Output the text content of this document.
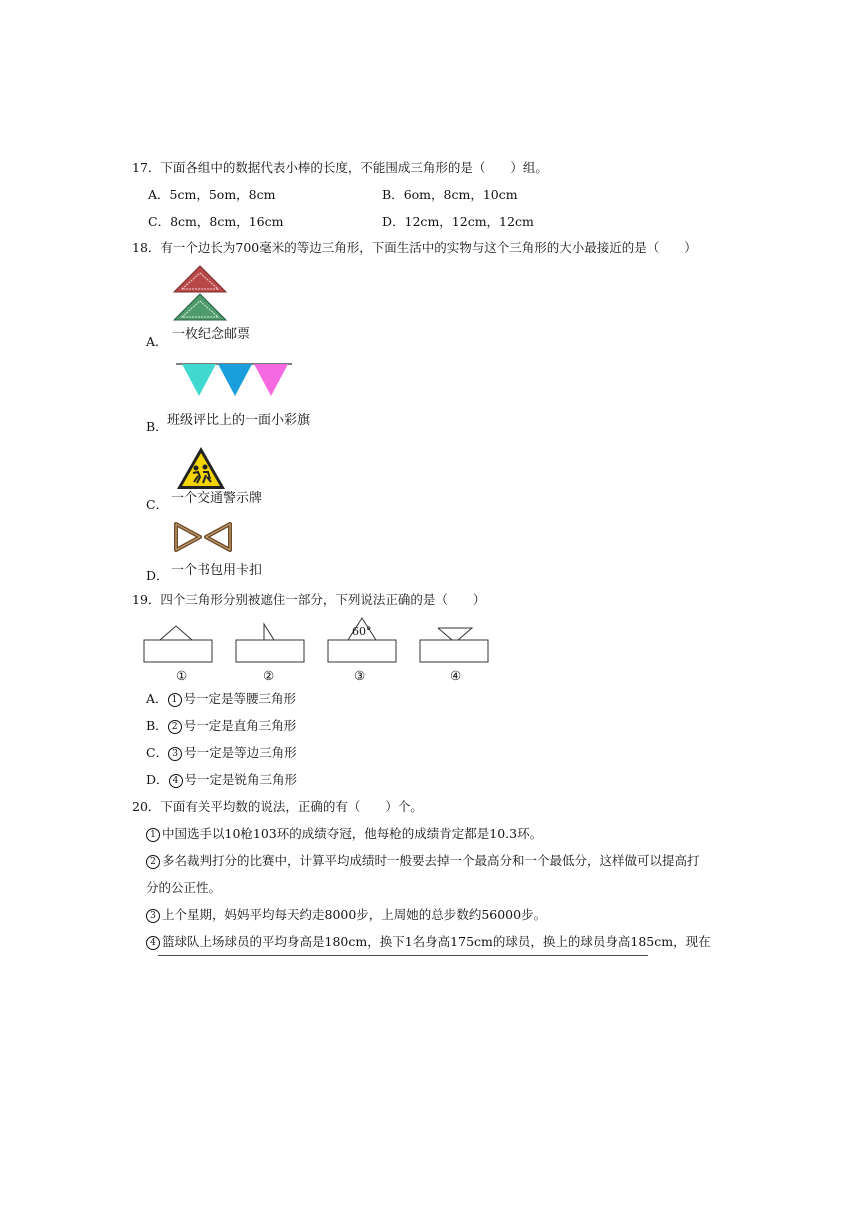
17．下面各组中的数据代表小棒的长度，不能围成三角形的是（　　）组。
A．5cm，5om，8cm	B．6om，8cm，10cm
C．8cm，8cm，16cm	D．12cm，12cm，12cm
18．有一个边长为700毫米的等边三角形，下面生活中的实物与这个三角形的大小最接近的是（　　）
A． 一枚纪念邮票
B． 班级评比上的一面小彩旗
C． 一个交通警示牌
D． 一个书包用卡扣
19．四个三角形分别被遮住一部分，下列说法正确的是（　　）
60°
①	②	③	④
A． 1 号一定是等腰三角形
B． 2 号一定是直角三角形
C． 3 号一定是等边三角形
D． 4 号一定是锐角三角形
20．下面有关平均数的说法，正确的有（　　）个。
1 中国选手以10枪103环的成绩夺冠，他每枪的成绩肯定都是10.3环。
2 多名裁判打分的比赛中，计算平均成绩时一般要去掉一个最高分和一个最低分，这样做可以提高打
分的公正性。
3 上个星期，妈妈平均每天约走8000步，上周她的总步数约56000步。
4 篮球队上场球员的平均身高是180cm，换下1名身高175cm的球员，换上的球员身高185cm，现在
